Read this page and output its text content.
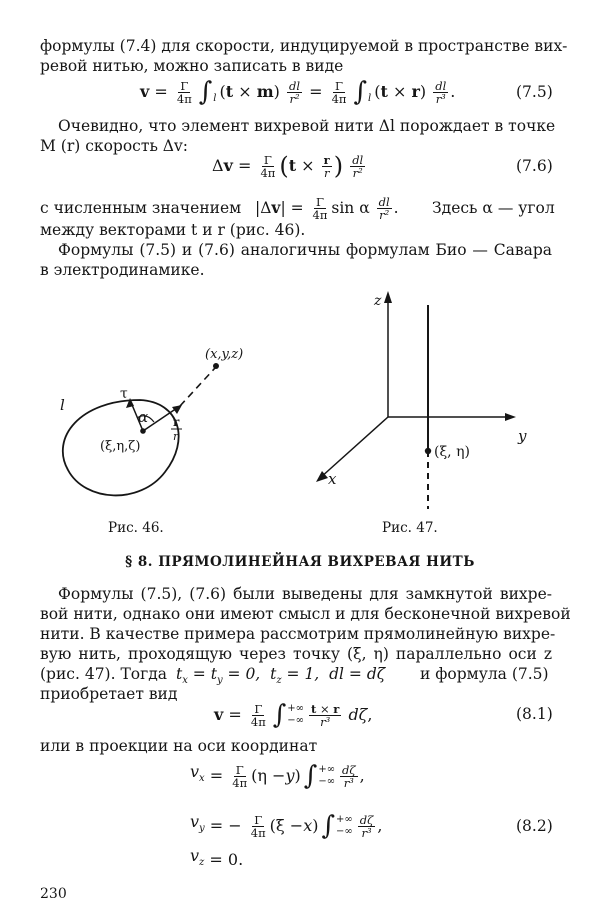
формулы (7.4) для скорости, индуцируемой в пространстве вих-
ревой нитью, можно записать в виде
$v = \frac{\Gamma}{4\pi}$ ∫ l ( t × m ) $\frac{dl}{\text{r²}} = \frac{\Gamma}{4\pi}$ ∫ l ( t × r ) $\frac{dl}{\text{r³}}$ .	(7.5)
Очевидно, что элемент вихревой нити Δl порождает в точке
M (r) скорость Δv:
Δ $v = \frac{\Gamma}{4\pi}$ ( $t \times \frac{r}{r}$ )
$\frac{dl}{\text{r²}}$	(7.6)
с численным значением |Δ v | = $\frac{\Gamma}{4\pi}$ sin α $\frac{dl}{\text{r²}}$ . Здесь α — угол
между векторами t и r (рис. 46).
Формулы (7.5) и (7.6) аналогичны формулам Био — Савара
в электродинамике.
l
τ
α
(ξ,η,ζ)
(x,y,z)
r
r
Рис. 46.
z
y
x
(ξ, η)
Рис. 47.
§ 8. ПРЯМОЛИНЕЙНАЯ ВИХРЕВАЯ НИТЬ
Формулы (7.5), (7.6) были выведены для замкнутой вихре-
вой нити, однако они имеют смысл и для бесконечной вихревой
нити. В качестве примера рассмотрим прямолинейную вихре-
вую нить, проходящую через точку (ξ, η) параллельно оси z
(рис. 47). Тогда $t_x = t_y = 0$,  $t_z = 1$,  dl = dζ и формула (7.5)
приобретает вид
$v = \frac{\Gamma}{4\pi}$ ∫ +∞
−∞ $\frac{t \times r}{\text{r³}}$
dζ ,	(8.1)
или в проекции на оси координат
$v_x = \frac{\Gamma}{4\pi} (\eta - y$ ) ∫ +∞
−∞ $\frac{d\zeta}{\text{r³}}$ ,
$v_y$ = − $\frac{\Gamma}{4\pi} (\xi - x$ ) ∫ +∞
−∞ $\frac{d\zeta}{\text{r³}}$ ,	(8.2)
$v_z = 0$.
230
